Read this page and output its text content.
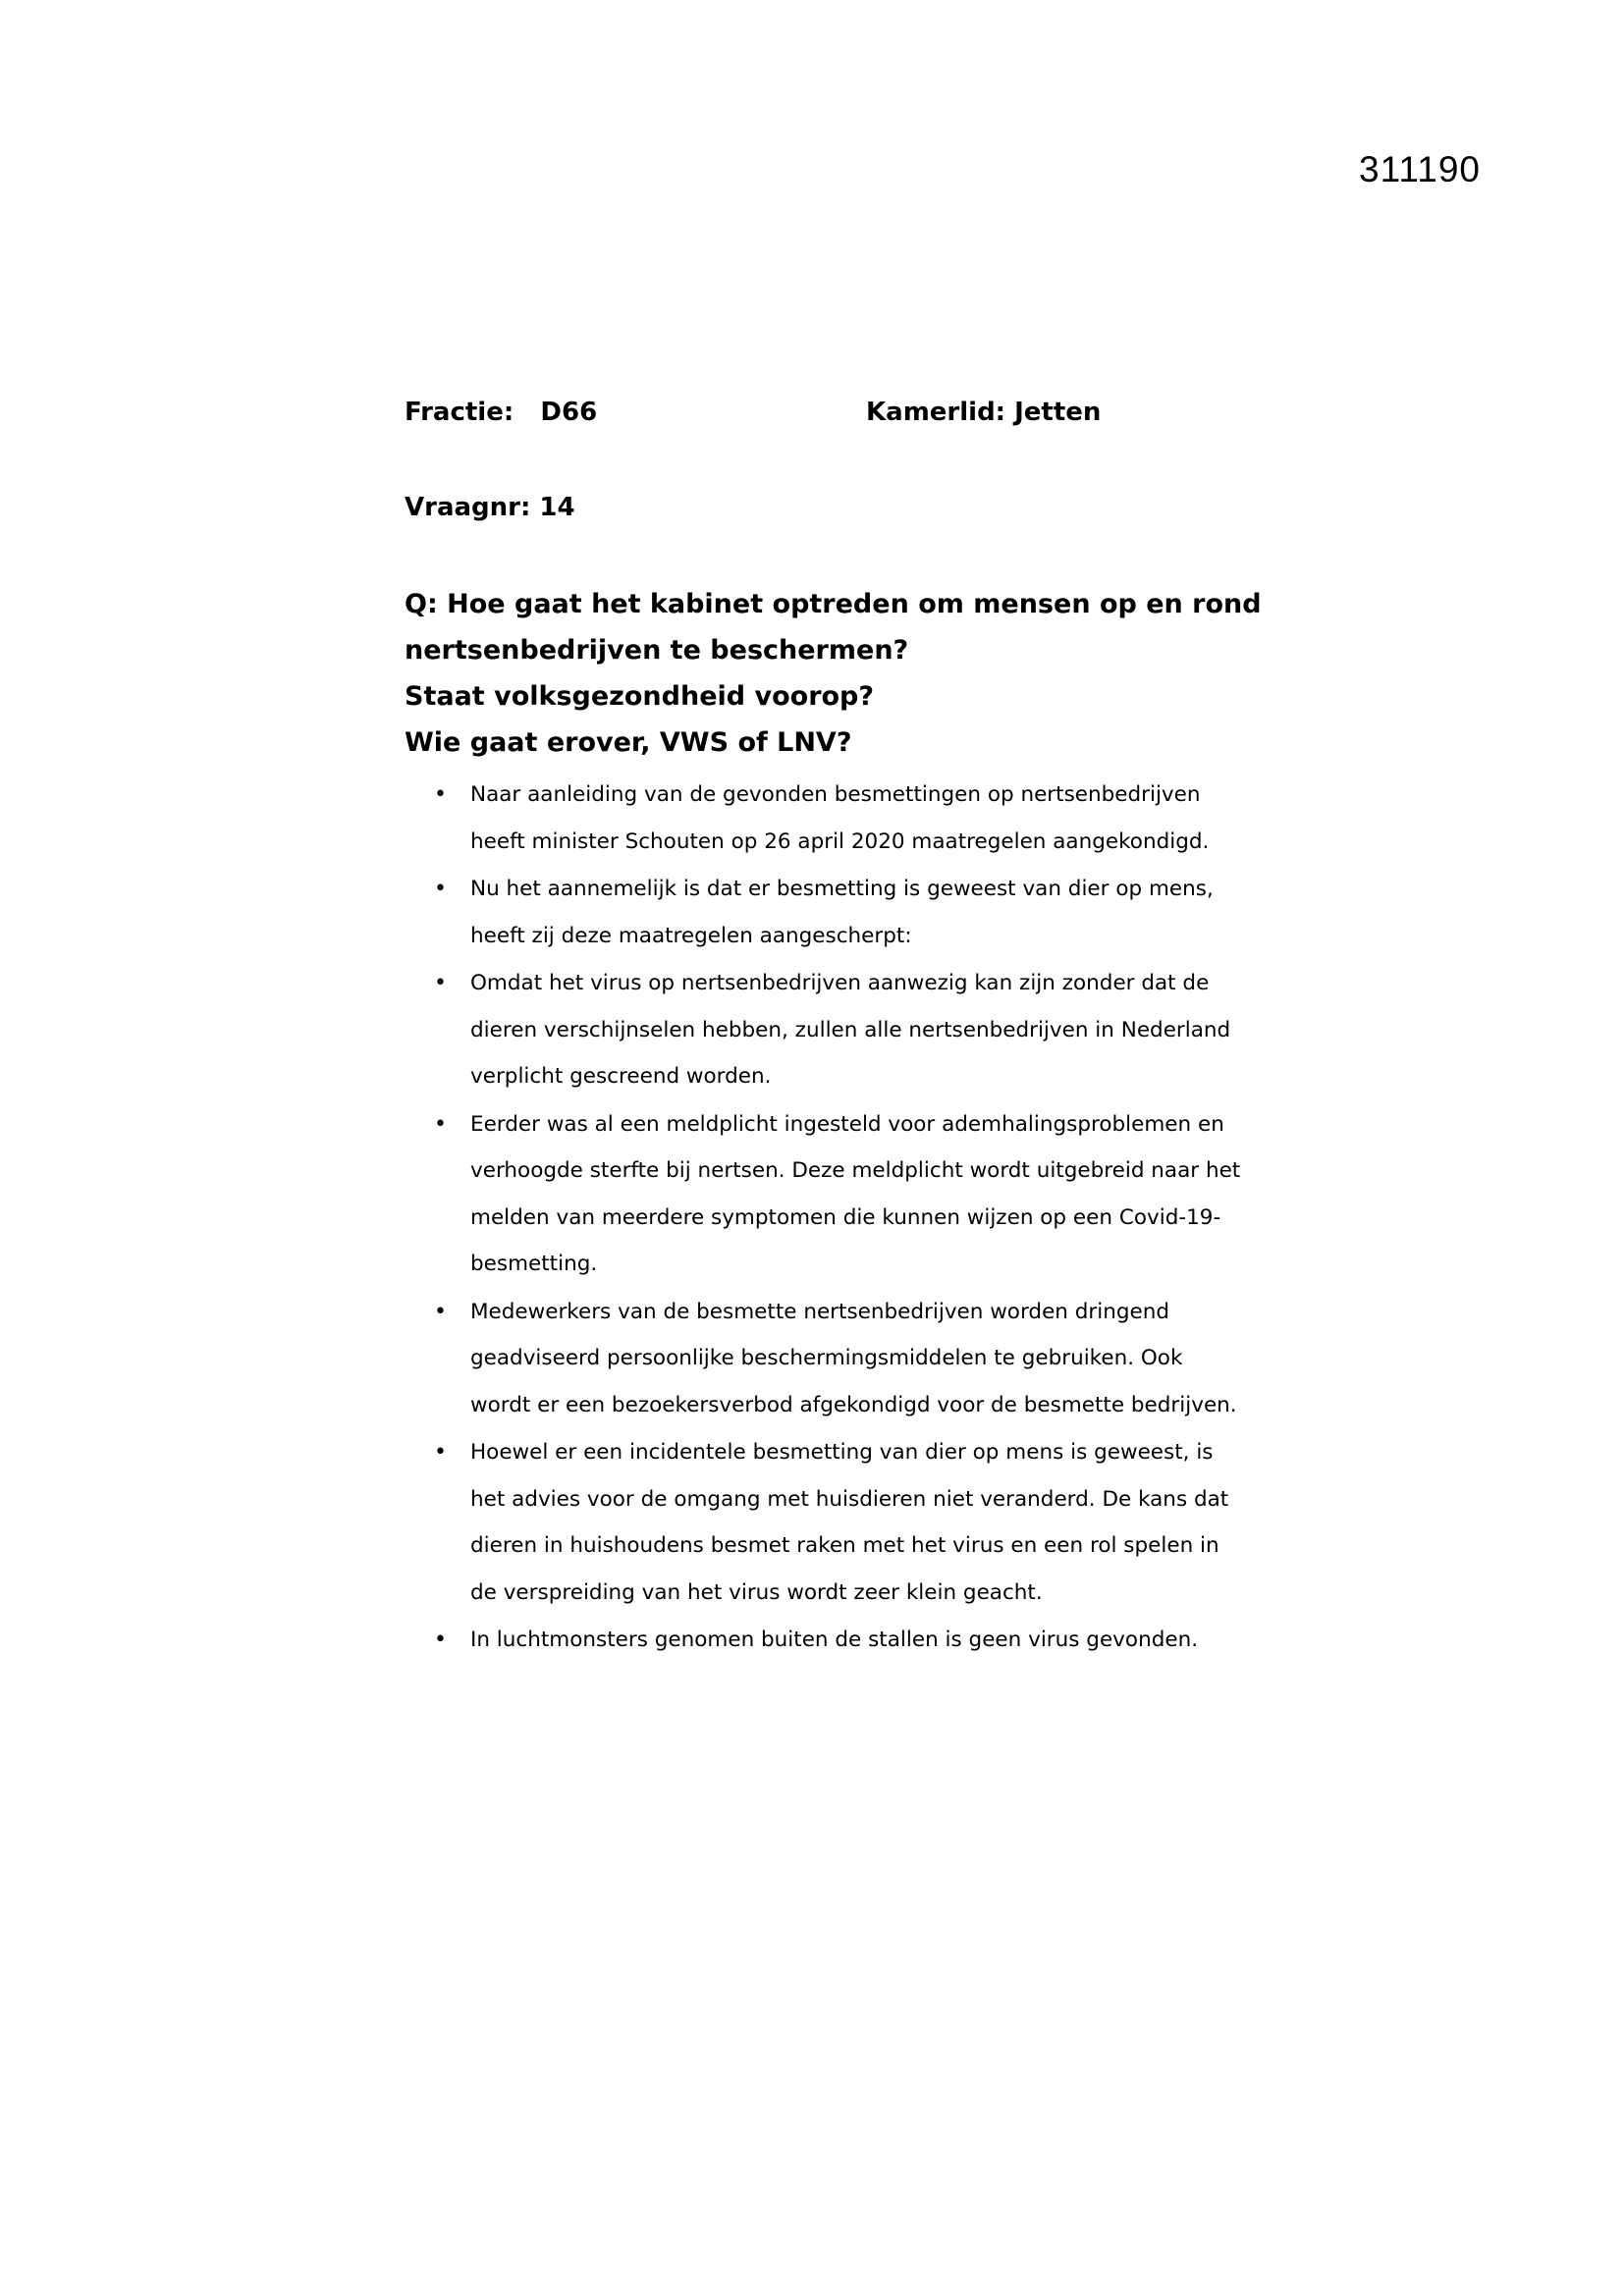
311190
Fractie:   D66	Kamerlid: Jetten
Vraagnr: 14
Q: Hoe gaat het kabinet optreden om mensen op en rond
nertsenbedrijven te beschermen?
Staat volksgezondheid voorop?
Wie gaat erover, VWS of LNV?
• Naar aanleiding van de gevonden besmettingen op nertsenbedrijven
heeft minister Schouten op 26 april 2020 maatregelen aangekondigd.
• Nu het aannemelijk is dat er besmetting is geweest van dier op mens,
heeft zij deze maatregelen aangescherpt:
• Omdat het virus op nertsenbedrijven aanwezig kan zijn zonder dat de
dieren verschijnselen hebben, zullen alle nertsenbedrijven in Nederland
verplicht gescreend worden.
• Eerder was al een meldplicht ingesteld voor ademhalingsproblemen en
verhoogde sterfte bij nertsen. Deze meldplicht wordt uitgebreid naar het
melden van meerdere symptomen die kunnen wijzen op een Covid-19-
besmetting.
• Medewerkers van de besmette nertsenbedrijven worden dringend
geadviseerd persoonlijke beschermingsmiddelen te gebruiken. Ook
wordt er een bezoekersverbod afgekondigd voor de besmette bedrijven.
• Hoewel er een incidentele besmetting van dier op mens is geweest, is
het advies voor de omgang met huisdieren niet veranderd. De kans dat
dieren in huishoudens besmet raken met het virus en een rol spelen in
de verspreiding van het virus wordt zeer klein geacht.
• In luchtmonsters genomen buiten de stallen is geen virus gevonden.
